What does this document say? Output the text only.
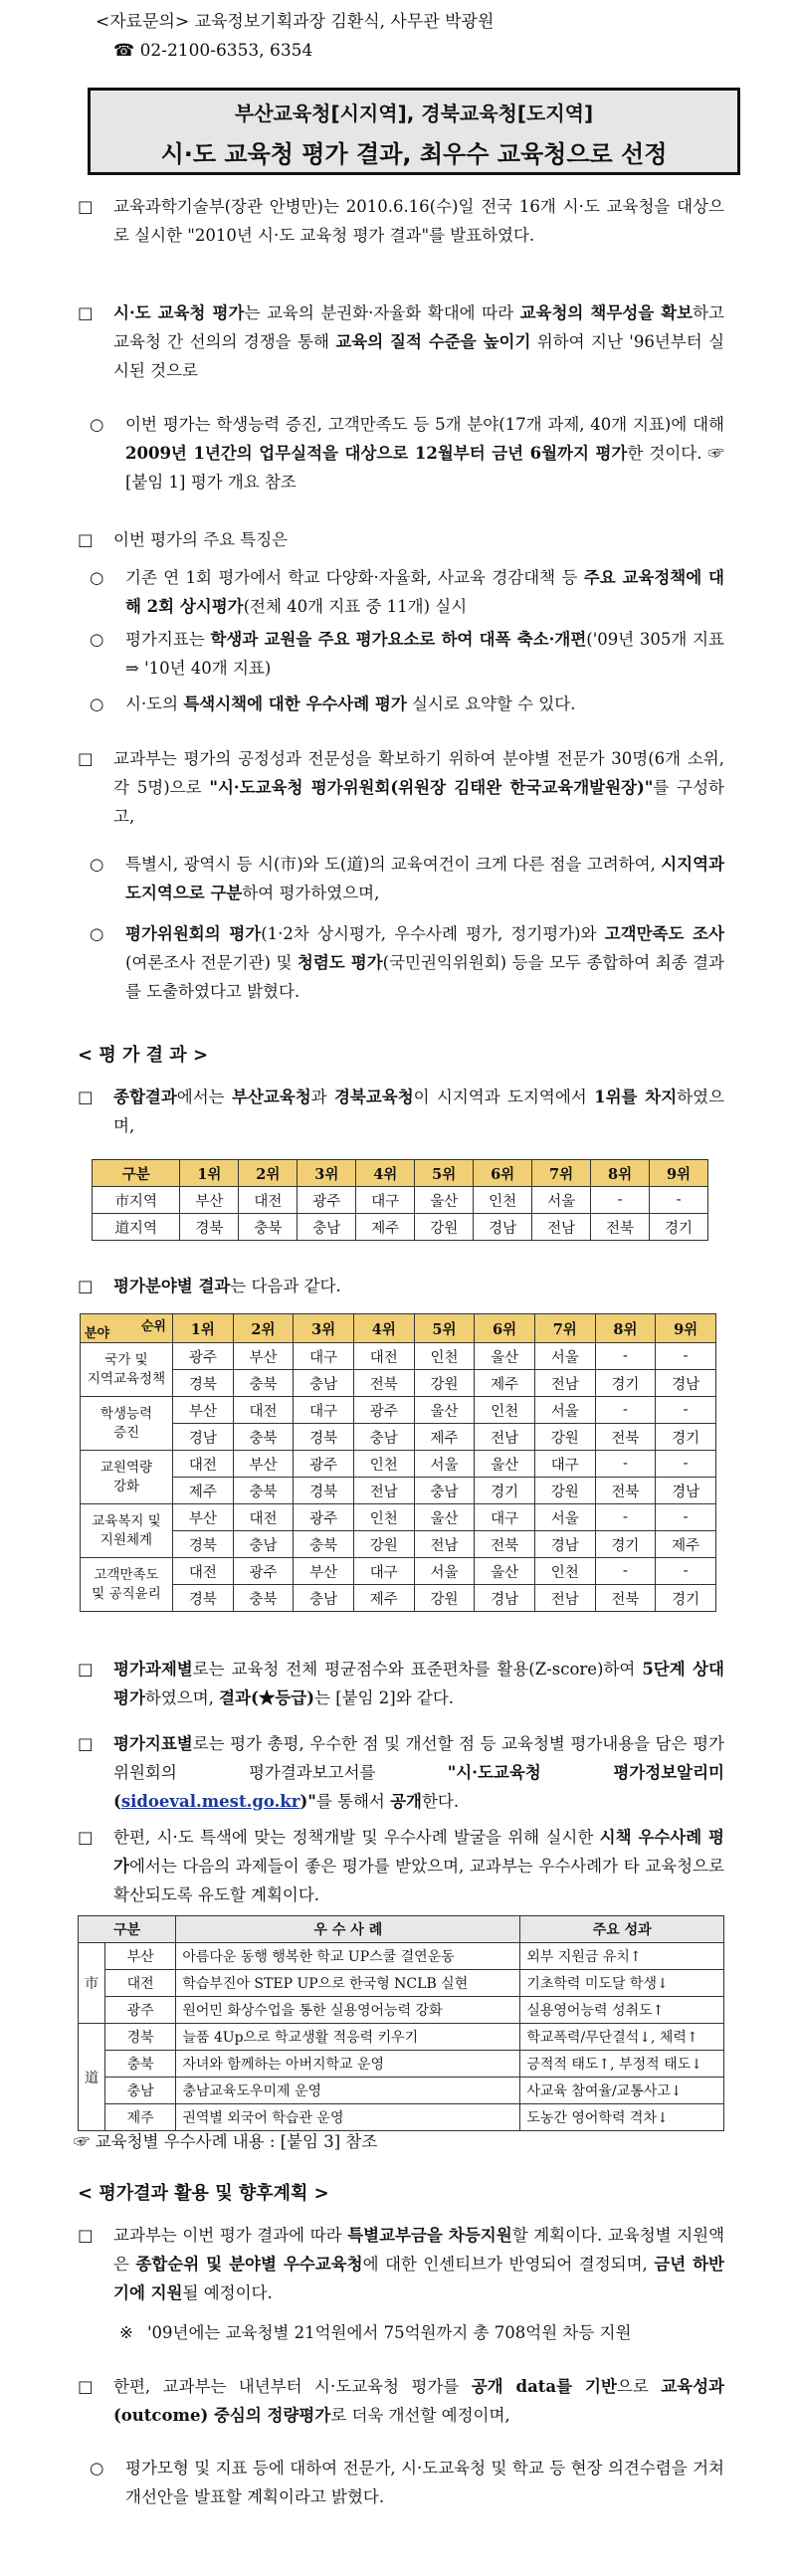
<자료문의> 교육정보기획과장 김환식, 사무관 박광원
☎ 02-2100-6353, 6354
부산교육청[시지역], 경북교육청[도지역]
시·도 교육청 평가 결과, 최우수 교육청으로 선정
□	교육과학기술부(장관 안병만)는 2010.6.16(수)일 전국 16개 시·도 교육청을 대상으로 실시한 "2010년 시·도 교육청 평가 결과"를 발표하였다.
□	시·도 교육청 평가는 교육의 분권화·자율화 확대에 따라 교육청의 책무성을 확보하고 교육청 간 선의의 경쟁을 통해 교육의 질적 수준을 높이기 위하여 지난 '96년부터 실시된 것으로
○	이번 평가는 학생능력 증진, 고객만족도 등 5개 분야(17개 과제, 40개 지표)에 대해 2009년 1년간의 업무실적을 대상으로 12월부터 금년 6월까지 평가한 것이다. ☞ [붙임 1] 평가 개요 참조
□	이번 평가의 주요 특징은
○	기존 연 1회 평가에서 학교 다양화·자율화, 사교육 경감대책 등 주요 교육정책에 대해 2회 상시평가(전체 40개 지표 중 11개) 실시
○	평가지표는 학생과 교원을 주요 평가요소로 하여 대폭 축소·개편('09년 305개 지표 ⇒ '10년 40개 지표)
○	시·도의 특색시책에 대한 우수사례 평가 실시로 요약할 수 있다.
□	교과부는 평가의 공정성과 전문성을 확보하기 위하여 분야별 전문가 30명(6개 소위, 각 5명)으로 "시·도교육청 평가위원회(위원장 김태완 한국교육개발원장)"를 구성하고,
○	특별시, 광역시 등 시(市)와 도(道)의 교육여건이 크게 다른 점을 고려하여, 시지역과 도지역으로 구분하여 평가하였으며,
○	평가위원회의 평가(1·2차 상시평가, 우수사례 평가, 정기평가)와 고객만족도 조사(여론조사 전문기관) 및 청렴도 평가(국민권익위원회) 등을 모두 종합하여 최종 결과를 도출하였다고 밝혔다.
< 평 가 결 과 >
□	종합결과에서는 부산교육청과 경북교육청이 시지역과 도지역에서 1위를 차지하였으며,
구분	1위	2위	3위	4위	5위	6위	7위	8위	9위
市지역	부산	대전	광주	대구	울산	인천	서울	-	-
道지역	경북	충북	충남	제주	강원	경남	전남	전북	경기
□	평가분야별 결과는 다음과 같다.
순위
분야	1위	2위	3위	4위	5위	6위	7위	8위	9위
국가 및
지역교육정책	광주	부산	대구	대전	인천	울산	서울	-	-
	경북	충북	충남	전북	강원	제주	전남	경기	경남
학생능력
증진	부산	대전	대구	광주	울산	인천	서울	-	-
	경남	충북	경북	충남	제주	전남	강원	전북	경기
교원역량
강화	대전	부산	광주	인천	서울	울산	대구	-	-
	제주	충북	경북	전남	충남	경기	강원	전북	경남
교육복지 및
지원체계	부산	대전	광주	인천	울산	대구	서울	-	-
	경북	충남	충북	강원	전남	전북	경남	경기	제주
고객만족도
및 공직윤리	대전	광주	부산	대구	서울	울산	인천	-	-
	경북	충북	충남	제주	강원	경남	전남	전북	경기
□	평가과제별로는 교육청 전체 평균점수와 표준편차를 활용(Z-score)하여 5단계 상대평가하였으며, 결과(★등급)는 [붙임 2]와 같다.
□	평가지표별로는 평가 총평, 우수한 점 및 개선할 점 등 교육청별 평가내용을 담은 평가위원회의 평가결과보고서를 "시·도교육청 평가정보알리미(sidoeval.mest.go.kr)"를 통해서 공개한다.
□	한편, 시·도 특색에 맞는 정책개발 및 우수사례 발굴을 위해 실시한 시책 우수사례 평가에서는 다음의 과제들이 좋은 평가를 받았으며, 교과부는 우수사례가 타 교육청으로 확산되도록 유도할 계획이다.
구분		우 수 사 례	주요 성과
市	부산	아름다운 동행 행복한 학교 UP스쿨 결연운동	외부 지원금 유치↑
	대전	학습부진아 STEP UP으로 한국형 NCLB 실현	기초학력 미도달 학생↓
	광주	원어민 화상수업을 통한 실용영어능력 강화	실용영어능력 성취도↑
道	경북	늘품 4Up으로 학교생활 적응력 키우기	학교폭력/무단결석↓, 체력↑
	충북	자녀와 함께하는 아버지학교 운영	긍적적 태도↑, 부정적 태도↓
	충남	충남교육도우미제 운영	사교육 참여율/교통사고↓
	제주	권역별 외국어 학습관 운영	도농간 영어학력 격차↓
☞ 교육청별 우수사례 내용 : [붙임 3] 참조
< 평가결과 활용 및 향후계획 >
□	교과부는 이번 평가 결과에 따라 특별교부금을 차등지원할 계획이다. 교육청별 지원액은 종합순위 및 분야별 우수교육청에 대한 인센티브가 반영되어 결정되며, 금년 하반기에 지원될 예정이다.
※ '09년에는 교육청별 21억원에서 75억원까지 총 708억원 차등 지원
□	한편, 교과부는 내년부터 시·도교육청 평가를 공개 data를 기반으로 교육성과(outcome) 중심의 정량평가로 더욱 개선할 예정이며,
○	평가모형 및 지표 등에 대하여 전문가, 시·도교육청 및 학교 등 현장 의견수렴을 거쳐 개선안을 발표할 계획이라고 밝혔다.
